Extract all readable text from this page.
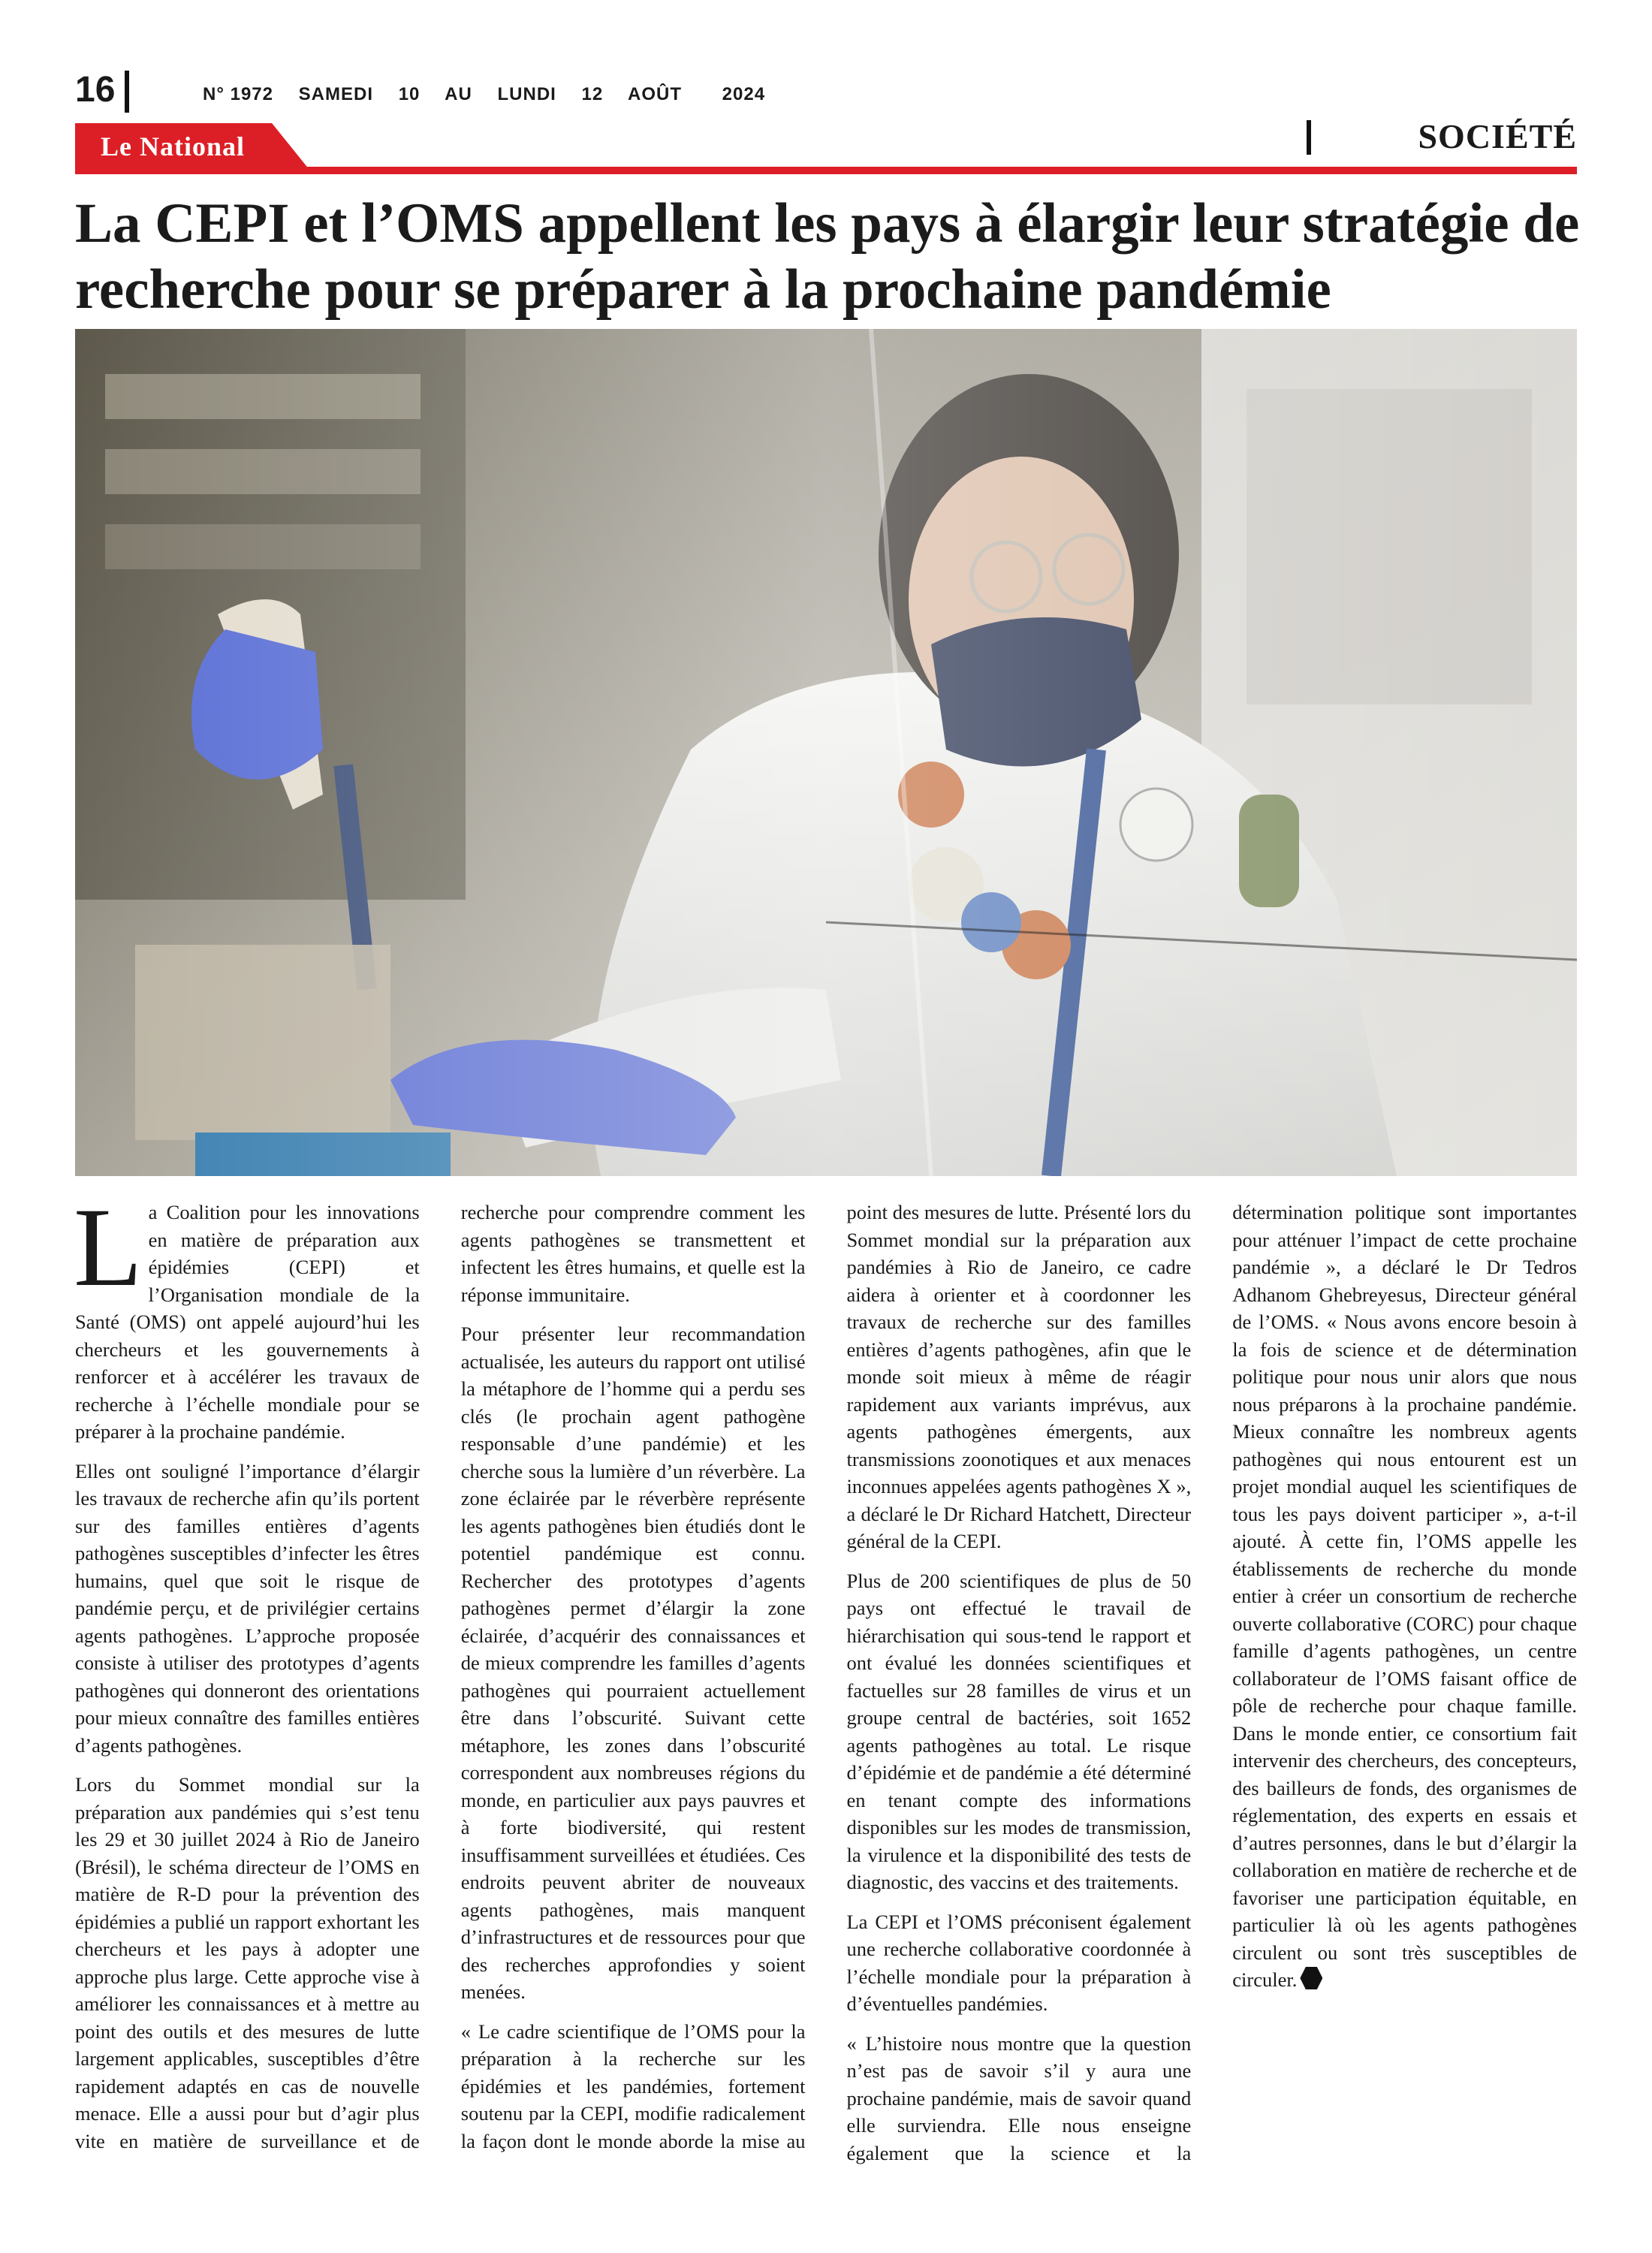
16	N° 1972 SAMEDI 10 AU LUNDI 12 AOÛT 2024
Le National	SOCIÉTÉ
La CEPI et l’OMS appellent les pays à élargir leur stratégie de recherche pour se préparer à la prochaine pandémie

La Coalition pour les innovations en matière de préparation aux épidémies (CEPI) et l’Organisation mondiale de la Santé (OMS) ont appelé aujourd’hui les chercheurs et les gouvernements à renforcer et à accélérer les travaux de recherche à l’échelle mondiale pour se préparer à la prochaine pandémie.

Elles ont souligné l’importance d’élargir les travaux de recherche afin qu’ils portent sur des familles entières d’agents pathogènes susceptibles d’infecter les êtres humains, quel que soit le risque de pandémie perçu, et de privilégier certains agents pathogènes. L’approche proposée consiste à utiliser des prototypes d’agents pathogènes qui donneront des orientations pour mieux connaître des familles entières d’agents pathogènes.

Lors du Sommet mondial sur la préparation aux pandémies qui s’est tenu les 29 et 30 juillet 2024 à Rio de Janeiro (Brésil), le schéma directeur de l’OMS en matière de R-D pour la prévention des épidémies a publié un rapport exhortant les chercheurs et les pays à adopter une approche plus large. Cette approche vise à améliorer les connaissances et à mettre au point des outils et des mesures de lutte largement applicables, susceptibles d’être rapidement adaptés en cas de nouvelle menace. Elle a aussi pour but d’agir plus vite en matière de surveillance et de recherche pour comprendre comment les agents pathogènes se transmettent et infectent les êtres humains, et quelle est la réponse immunitaire.

Pour présenter leur recommandation actualisée, les auteurs du rapport ont utilisé la métaphore de l’homme qui a perdu ses clés (le prochain agent pathogène responsable d’une pandémie) et les cherche sous la lumière d’un réverbère. La zone éclairée par le réverbère représente les agents pathogènes bien étudiés dont le potentiel pandémique est connu. Rechercher des prototypes d’agents pathogènes permet d’élargir la zone éclairée, d’acquérir des connaissances et de mieux comprendre les familles d’agents pathogènes qui pourraient actuellement être dans l’obscurité. Suivant cette métaphore, les zones dans l’obscurité correspondent aux nombreuses régions du monde, en particulier aux pays pauvres et à forte biodiversité, qui restent insuffisamment surveillées et étudiées. Ces endroits peuvent abriter de nouveaux agents pathogènes, mais manquent d’infrastructures et de ressources pour que des recherches approfondies y soient menées.

« Le cadre scientifique de l’OMS pour la préparation à la recherche sur les épidémies et les pandémies, fortement soutenu par la CEPI, modifie radicalement la façon dont le monde aborde la mise au point des mesures de lutte. Présenté lors du Sommet mondial sur la préparation aux pandémies à Rio de Janeiro, ce cadre aidera à orienter et à coordonner les travaux de recherche sur des familles entières d’agents pathogènes, afin que le monde soit mieux à même de réagir rapidement aux variants imprévus, aux agents pathogènes émergents, aux transmissions zoonotiques et aux menaces inconnues appelées agents pathogènes X », a déclaré le Dr Richard Hatchett, Directeur général de la CEPI.

Plus de 200 scientifiques de plus de 50 pays ont effectué le travail de hiérarchisation qui sous-tend le rapport et ont évalué les données scientifiques et factuelles sur 28 familles de virus et un groupe central de bactéries, soit 1652 agents pathogènes au total. Le risque d’épidémie et de pandémie a été déterminé en tenant compte des informations disponibles sur les modes de transmission, la virulence et la disponibilité des tests de diagnostic, des vaccins et des traitements.

La CEPI et l’OMS préconisent également une recherche collaborative coordonnée à l’échelle mondiale pour la préparation à d’éventuelles pandémies.

« L’histoire nous montre que la question n’est pas de savoir s’il y aura une prochaine pandémie, mais de savoir quand elle surviendra. Elle nous enseigne également que la science et la détermination politique sont importantes pour atténuer l’impact de cette prochaine pandémie », a déclaré le Dr Tedros Adhanom Ghebreyesus, Directeur général de l’OMS. « Nous avons encore besoin à la fois de science et de détermination politique pour nous unir alors que nous nous préparons à la prochaine pandémie. Mieux connaître les nombreux agents pathogènes qui nous entourent est un projet mondial auquel les scientifiques de tous les pays doivent participer », a-t-il ajouté. À cette fin, l’OMS appelle les établissements de recherche du monde entier à créer un consortium de recherche ouverte collaborative (CORC) pour chaque famille d’agents pathogènes, un centre collaborateur de l’OMS faisant office de pôle de recherche pour chaque famille. Dans le monde entier, ce consortium fait intervenir des chercheurs, des concepteurs, des bailleurs de fonds, des organismes de réglementation, des experts en essais et d’autres personnes, dans le but d’élargir la collaboration en matière de recherche et de favoriser une participation équitable, en particulier là où les agents pathogènes circulent ou sont très susceptibles de circuler.
